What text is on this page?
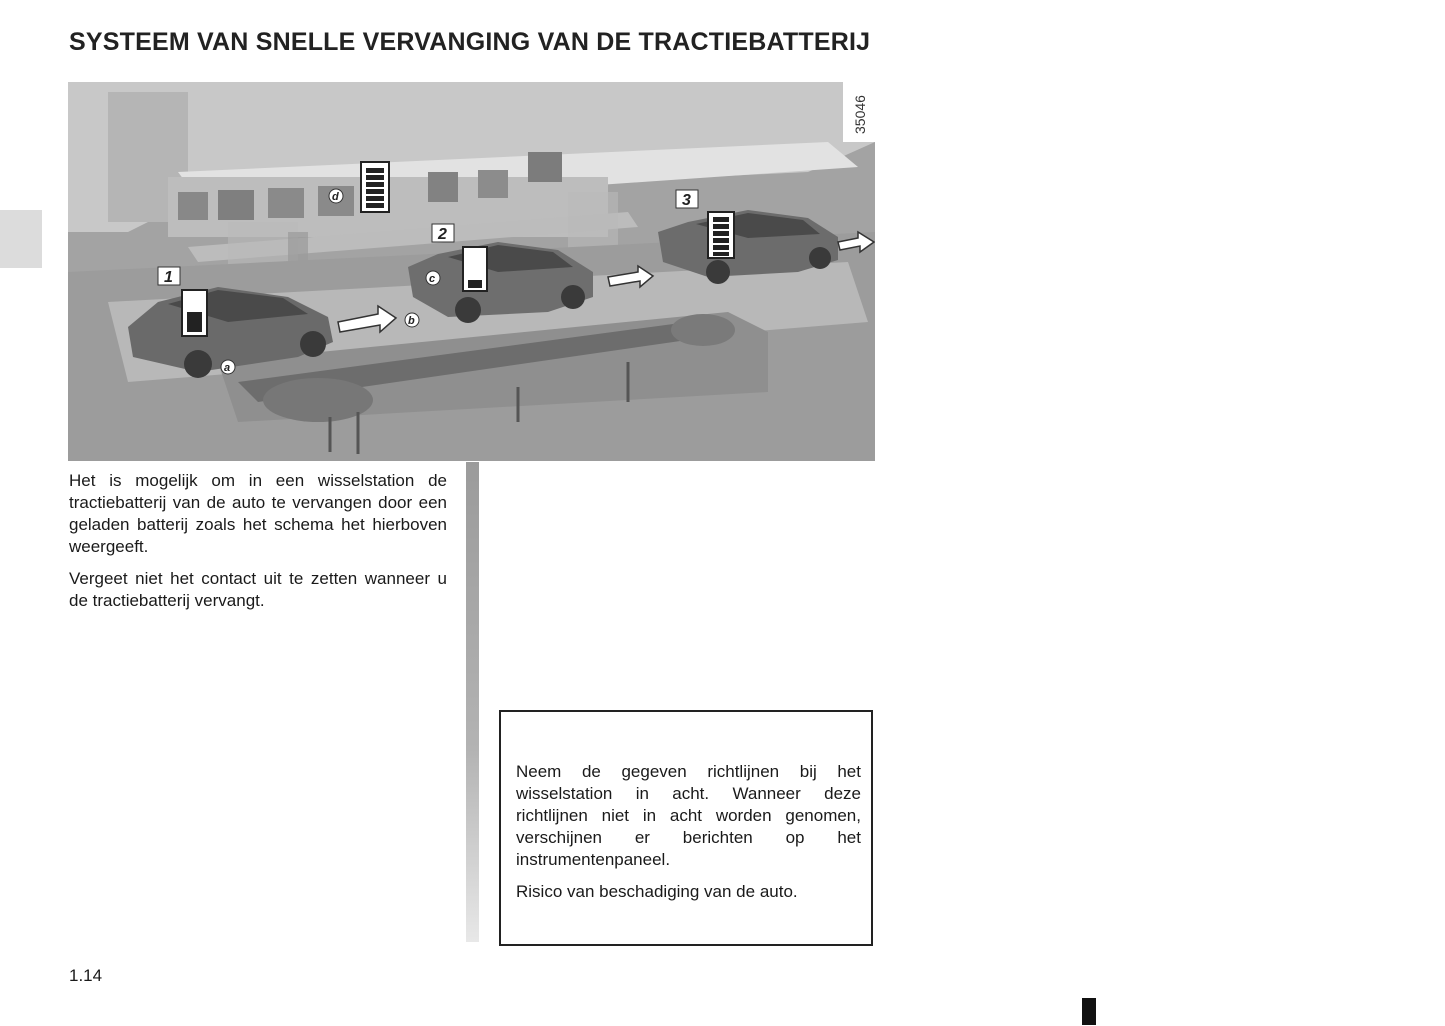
SYSTEEM VAN SNELLE VERVANGING VAN DE TRACTIEBATTERIJ
1
2
3
a
b
c
d
35046

Het is mogelijk om in een wisselstation de tractiebatterij van de auto te vervangen door een geladen batterij zoals het schema het hierboven weergeeft.

Vergeet niet het contact uit te zetten wanneer u de tractiebatterij vervangt.

Neem de gegeven richtlijnen bij het wisselstation in acht. Wanneer deze richtlijnen niet in acht worden genomen, verschijnen er berichten op het instrumentenpaneel.

Risico van beschadiging van de auto.

1.14
